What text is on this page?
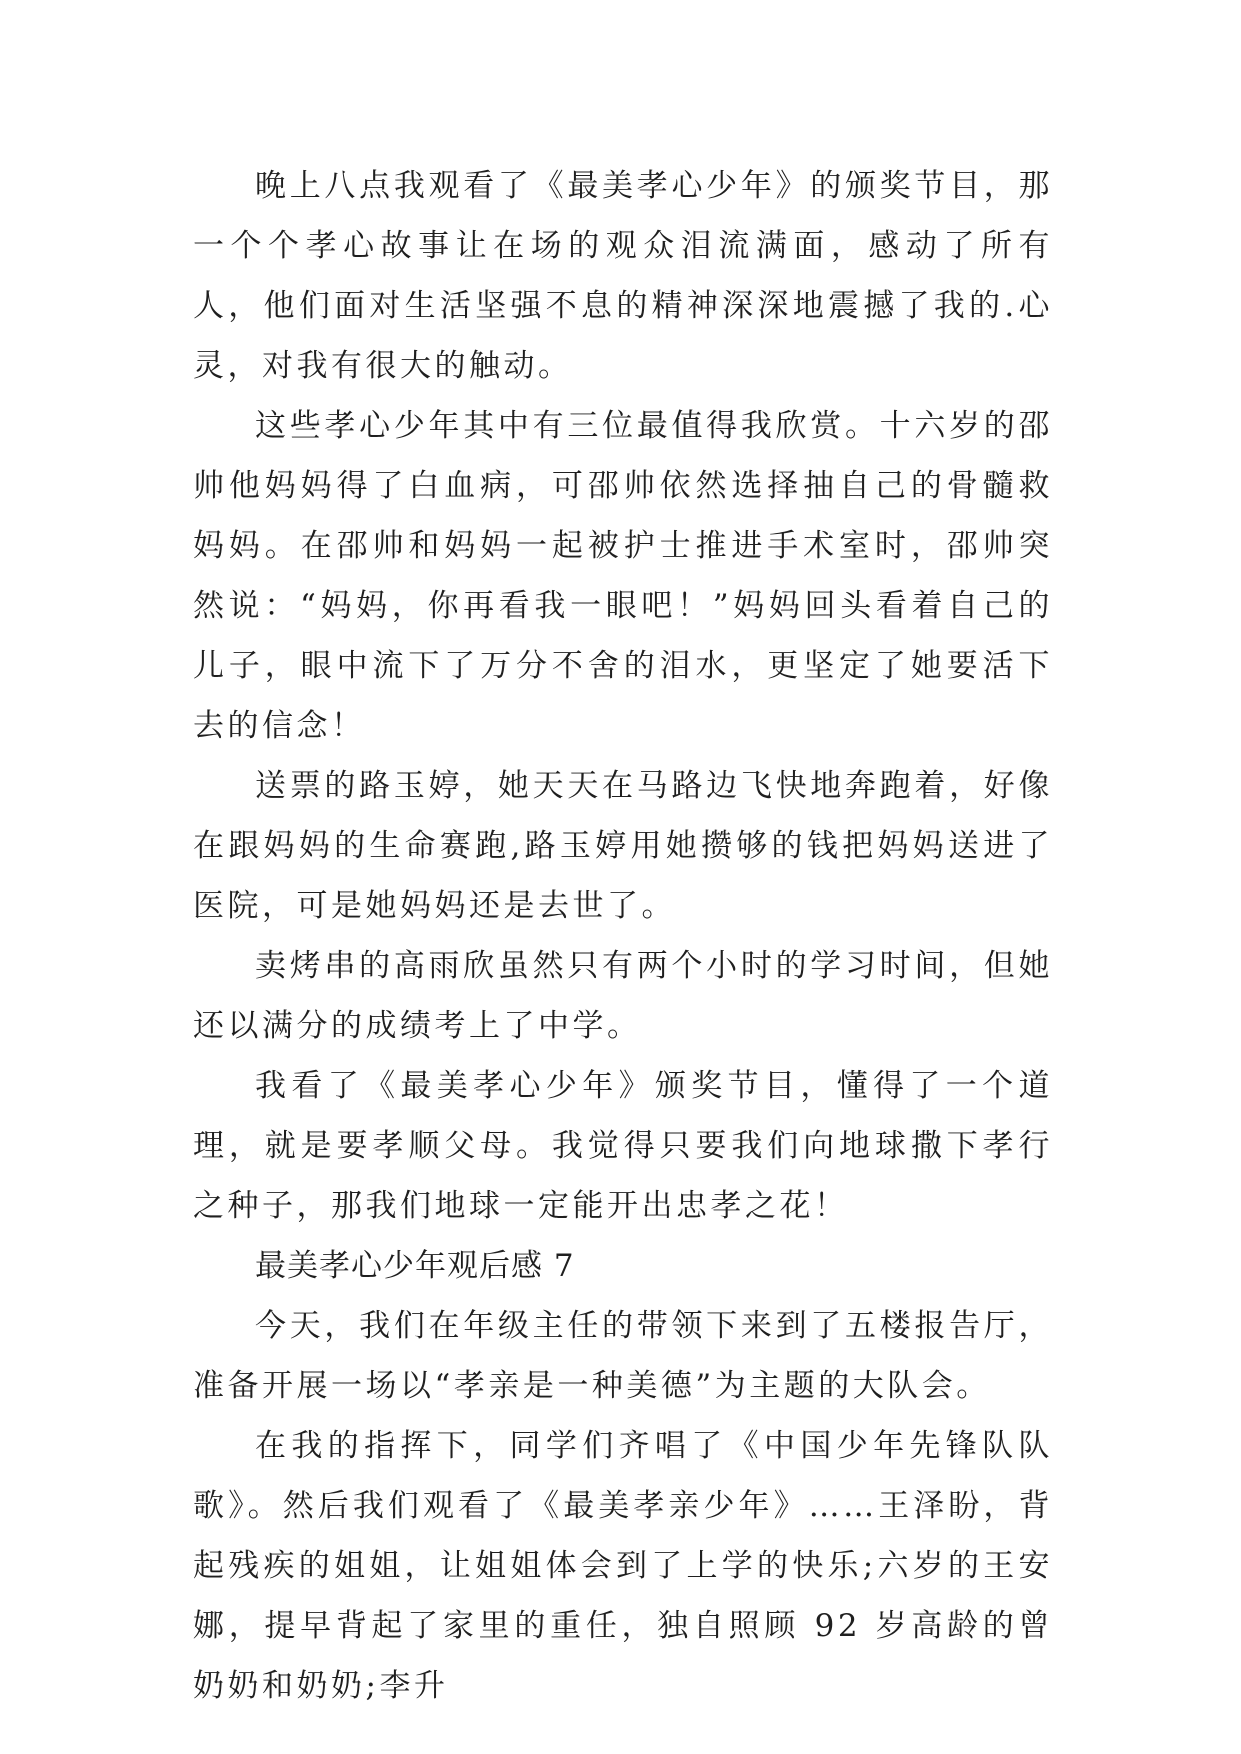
晚上八点我观看了《最美孝心少年》的颁奖节目，那一个个孝心故事让在场的观众泪流满面，感动了所有人，他们面对生活坚强不息的精神深深地震撼了我的.心灵，对我有很大的触动。

这些孝心少年其中有三位最值得我欣赏。十六岁的邵帅他妈妈得了白血病，可邵帅依然选择抽自己的骨髓救妈妈。在邵帅和妈妈一起被护士推进手术室时，邵帅突然说：“妈妈，你再看我一眼吧！”妈妈回头看着自己的儿子，眼中流下了万分不舍的泪水，更坚定了她要活下去的信念！

送票的路玉婷，她天天在马路边飞快地奔跑着，好像在跟妈妈的生命赛跑,路玉婷用她攒够的钱把妈妈送进了医院，可是她妈妈还是去世了。

卖烤串的高雨欣虽然只有两个小时的学习时间，但她还以满分的成绩考上了中学。

我看了《最美孝心少年》颁奖节目，懂得了一个道理，就是要孝顺父母。我觉得只要我们向地球撒下孝行之种子，那我们地球一定能开出忠孝之花！

最美孝心少年观后感 7

今天，我们在年级主任的带领下来到了五楼报告厅，准备开展一场以“孝亲是一种美德”为主题的大队会。

在我的指挥下，同学们齐唱了《中国少年先锋队队歌》。然后我们观看了《最美孝亲少年》……王泽盼，背起残疾的姐姐，让姐姐体会到了上学的快乐;六岁的王安娜，提早背起了家里的重任，独自照顾 92 岁高龄的曾奶奶和奶奶;李升
